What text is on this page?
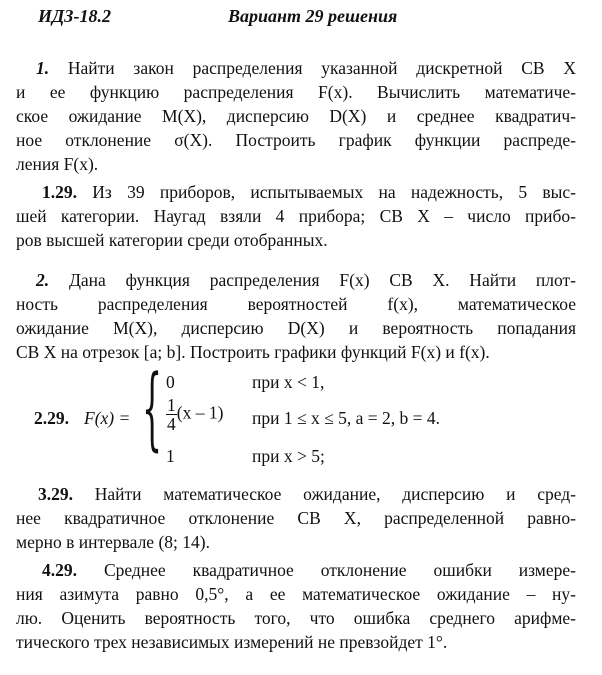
ИДЗ-18.2	Вариант 29 решения
1. Найти закон распределения указанной дискретной СВ X
и ее функцию распределения F(x). Вычислить математиче-
ское ожидание M(X), дисперсию D(X) и среднее квадратич-
ное отклонение σ(X). Построить график функции распреде-
ления F(x).
1.29. Из 39 приборов, испытываемых на надежность, 5 выс-
шей категории. Наугад взяли 4 прибора; СВ X – число прибо-
ров высшей категории среди отобранных.
2. Дана функция распределения F(x) СВ X. Найти плот-
ность распределения вероятностей f(x), математическое
ожидание M(X), дисперсию D(X) и вероятность попадания
СВ X на отрезок [a; b]. Построить графики функций F(x) и f(x).
2.29. F(x) = { 0	при x < 1,
$\frac{1}{4} (x - 1)$ при 1 ≤ x ≤ 5, a = 2, b = 4.
1	при x > 5;
3.29. Найти математическое ожидание, дисперсию и сред-
нее квадратичное отклонение СВ X, распределенной равно-
мерно в интервале (8; 14).
4.29. Среднее квадратичное отклонение ошибки измере-
ния азимута равно 0,5°, а ее математическое ожидание – ну-
лю. Оценить вероятность того, что ошибка среднего арифме-
тического трех независимых измерений не превзойдет 1°.
